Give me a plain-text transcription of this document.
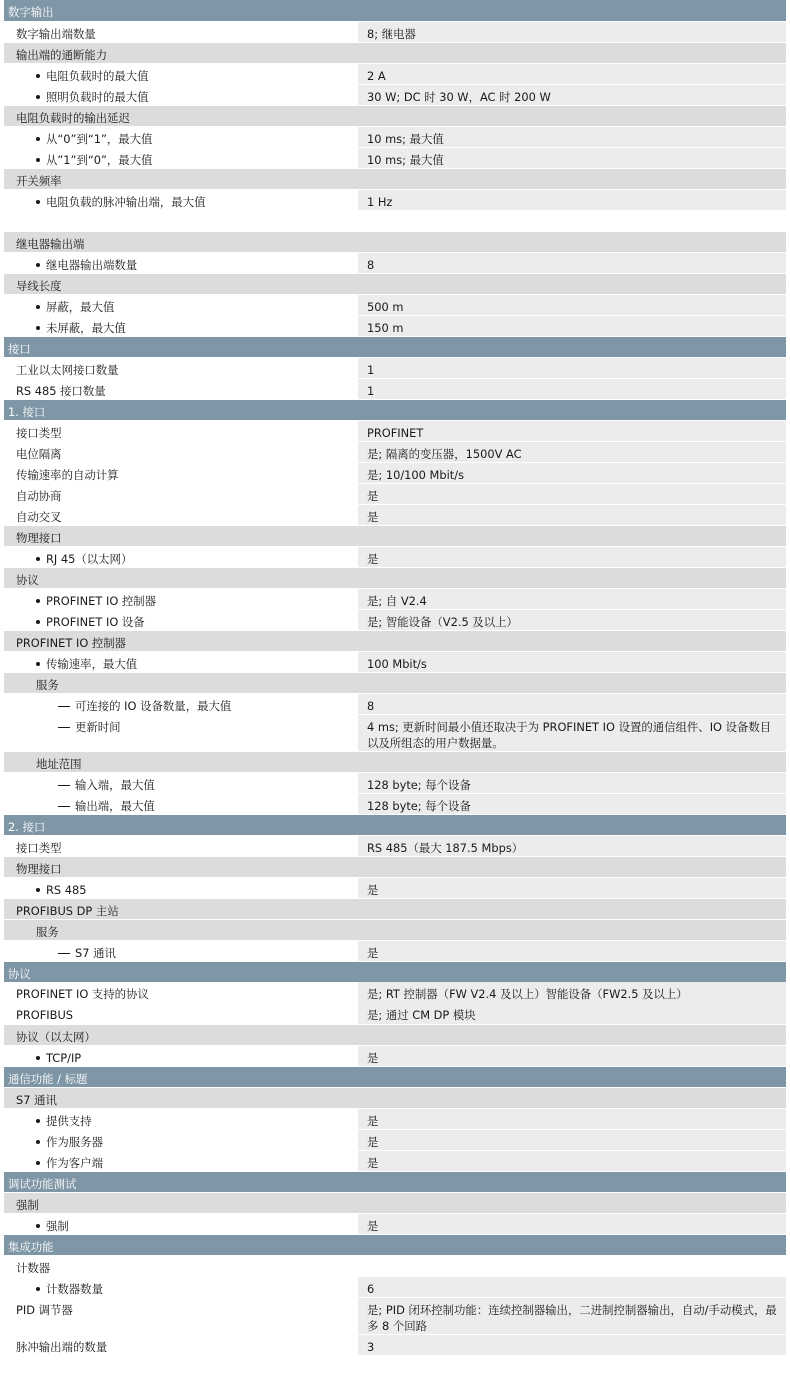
数字输出
数字输出端数量	8; 继电器
输出端的通断能力
电阻负载时的最大值	2 A
照明负载时的最大值	30 W; DC 时 30 W，AC 时 200 W
电阻负载时的输出延迟
从“0”到“1”，最大值	10 ms; 最大值
从”1”到“0”，最大值	10 ms; 最大值
开关频率
电阻负载的脉冲输出端，最大值	1 Hz
继电器输出端
继电器输出端数量	8
导线长度
屏蔽，最大值	500 m
未屏蔽，最大值	150 m
接口
工业以太网接口数量	1
RS 485 接口数量	1
1. 接口
接口类型	PROFINET
电位隔离	是; 隔离的变压器，1500V AC
传输速率的自动计算	是; 10/100 Mbit/s
自动协商	是
自动交叉	是
物理接口
RJ 45（以太网）	是
协议
PROFINET IO 控制器	是; 自 V2.4
PROFINET IO 设备	是; 智能设备（V2.5 及以上）
PROFINET IO 控制器
传输速率，最大值	100 Mbit/s
服务
可连接的 IO 设备数量，最大值	8
更新时间	4 ms; 更新时间最小值还取决于为 PROFINET IO 设置的通信组件、IO 设备数目以及所组态的用户数据量。
地址范围
输入端，最大值	128 byte; 每个设备
输出端，最大值	128 byte; 每个设备
2. 接口
接口类型	RS 485（最大 187.5 Mbps）
物理接口
RS 485	是
PROFIBUS DP 主站
服务
S7 通讯	是
协议
PROFINET IO 支持的协议	是; RT 控制器（FW V2.4 及以上）智能设备（FW2.5 及以上）
PROFIBUS	是; 通过 CM DP 模块
协议（以太网）
TCP/IP	是
通信功能 / 标题
S7 通讯
提供支持	是
作为服务器	是
作为客户端	是
调试功能测试
强制
强制	是
集成功能
计数器
计数器数量	6
PID 调节器	是; PID 闭环控制功能：连续控制器输出，二进制控制器输出，自动/手动模式，最多 8 个回路
脉冲输出端的数量	3
